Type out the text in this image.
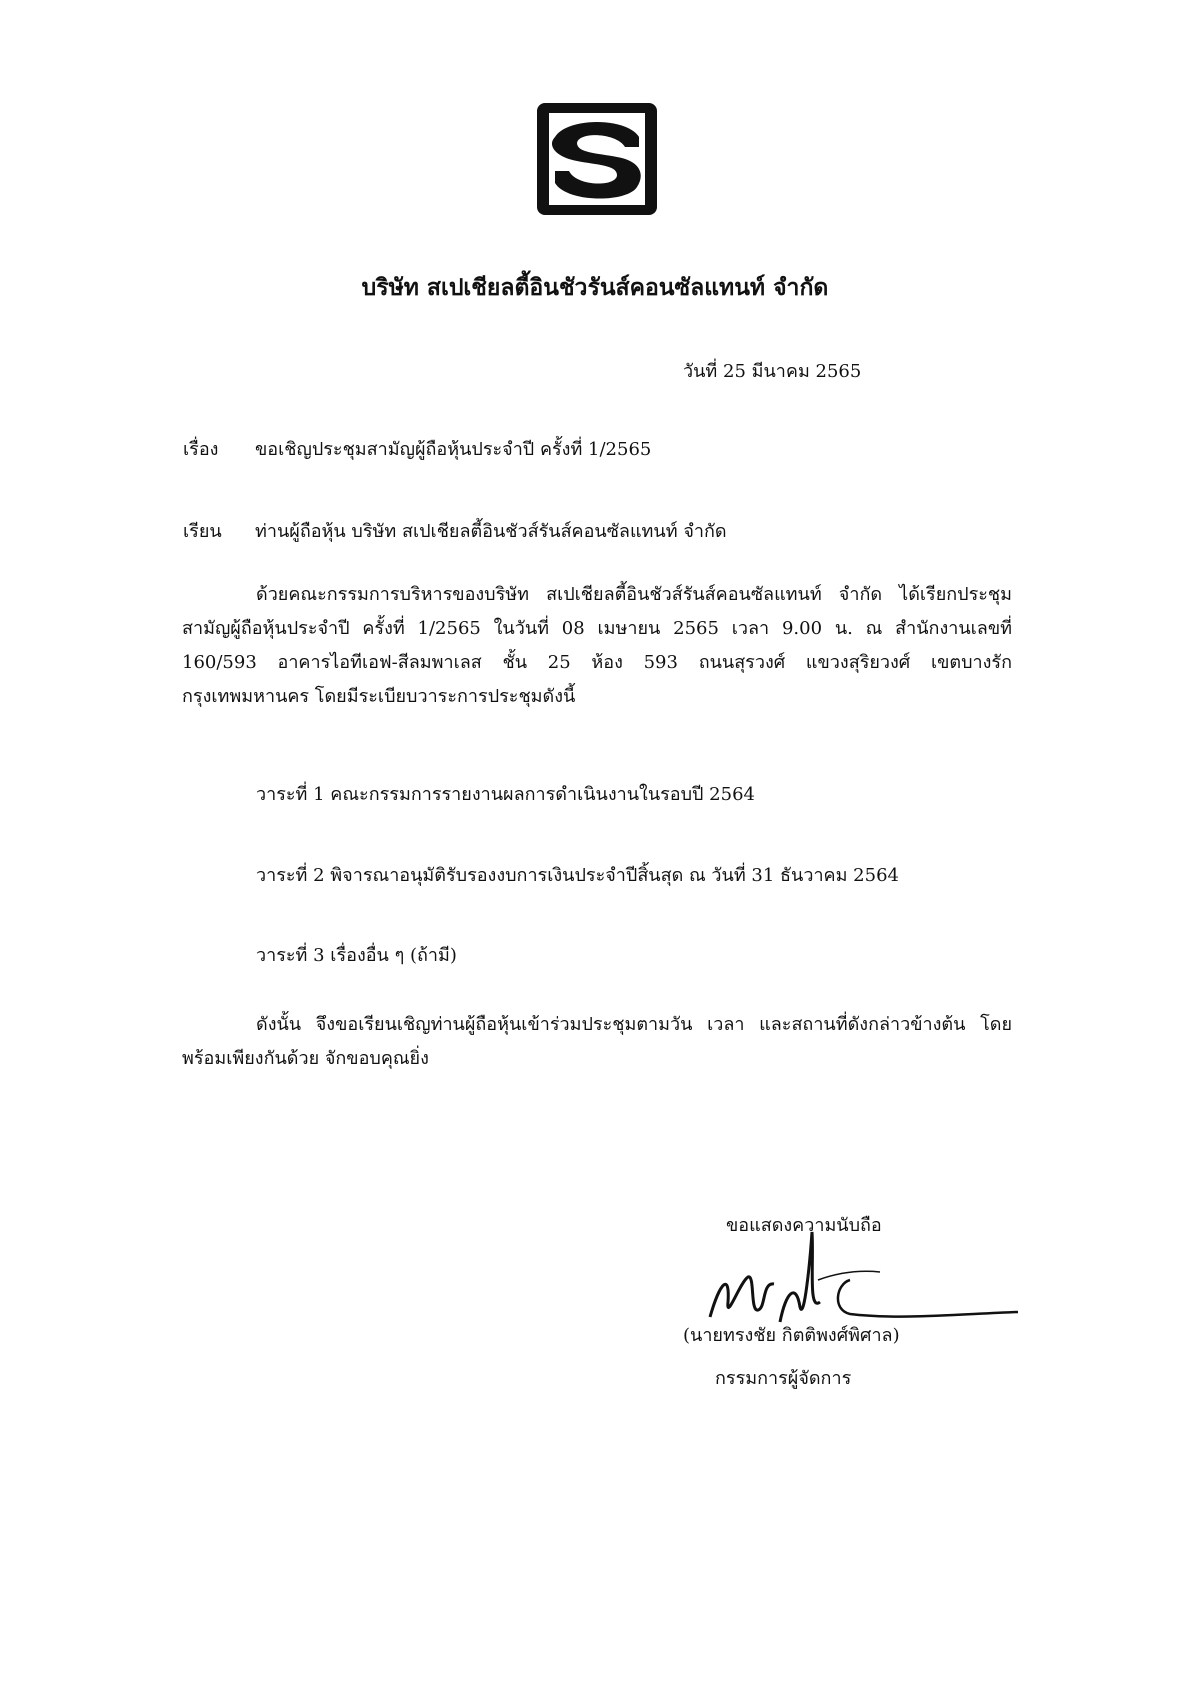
บริษัท สเปเชียลตี้อินชัวรันส์คอนซัลแทนท์ จำกัด
วันที่ 25 มีนาคม 2565
เรื่อง ขอเชิญประชุมสามัญผู้ถือหุ้นประจำปี ครั้งที่ 1/2565
เรียน ท่านผู้ถือหุ้น บริษัท สเปเชียลตี้อินชัวส์รันส์คอนซัลแทนท์ จำกัด
ด้วยคณะกรรมการบริหารของบริษัท สเปเชียลตี้อินชัวส์รันส์คอนซัลแทนท์ จำกัด ได้เรียกประชุมสามัญผู้ถือหุ้นประจำปี ครั้งที่ 1/2565 ในวันที่ 08 เมษายน 2565 เวลา 9.00 น. ณ สำนักงานเลขที่ 160/593 อาคารไอทีเอฟ-สีลมพาเลส ชั้น 25 ห้อง 593 ถนนสุรวงศ์ แขวงสุริยวงศ์ เขตบางรัก กรุงเทพมหานคร โดยมีระเบียบวาระการประชุมดังนี้
วาระที่ 1 คณะกรรมการรายงานผลการดำเนินงานในรอบปี 2564
วาระที่ 2 พิจารณาอนุมัติรับรองงบการเงินประจำปีสิ้นสุด ณ วันที่ 31 ธันวาคม 2564
วาระที่ 3 เรื่องอื่น ๆ (ถ้ามี)
ดังนั้น จึงขอเรียนเชิญท่านผู้ถือหุ้นเข้าร่วมประชุมตามวัน เวลา และสถานที่ดังกล่าวข้างต้น โดยพร้อมเพียงกันด้วย จักขอบคุณยิ่ง
ขอแสดงความนับถือ
(นายทรงชัย กิตติพงศ์พิศาล)
กรรมการผู้จัดการ
